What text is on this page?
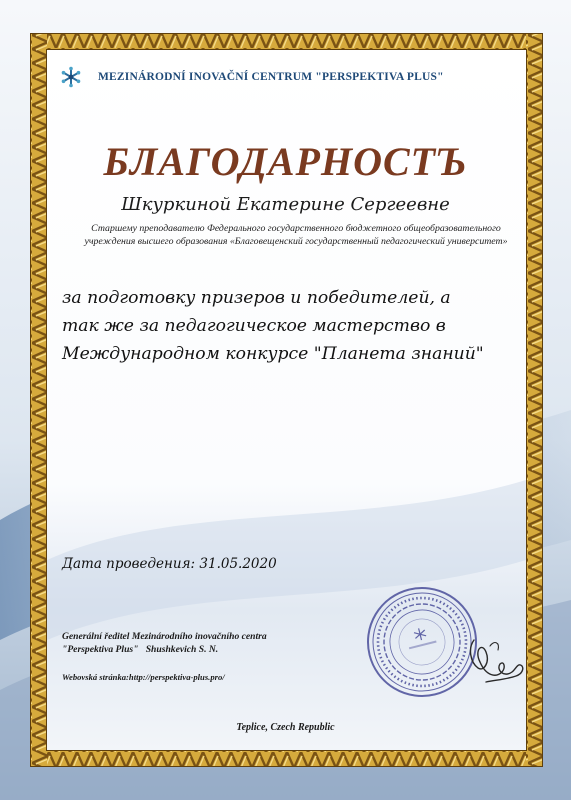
MEZINÁRODNÍ INOVAČNÍ CENTRUM "PERSPEKTIVA PLUS"
БЛАГОДАРНОСТЪ
Шкуркиной Екатерине Сергеевне
Старшему преподавателю Федерального государственного бюджетного общеобразовательного
учреждения высшего образования «Благовещенский государственный педагогический университет»
за подготовку призеров и победителей, а
так же за педагогическое мастерство в
Международном конкурсе "Планета знаний"
Дата проведения: 31.05.2020
Generální ředitel Mezinárodního inovačního centra
"Perspektiva Plus" Shushkevich S. N.
Webovská stránka:http://perspektiva-plus.pro/
Teplice, Czech Republic
